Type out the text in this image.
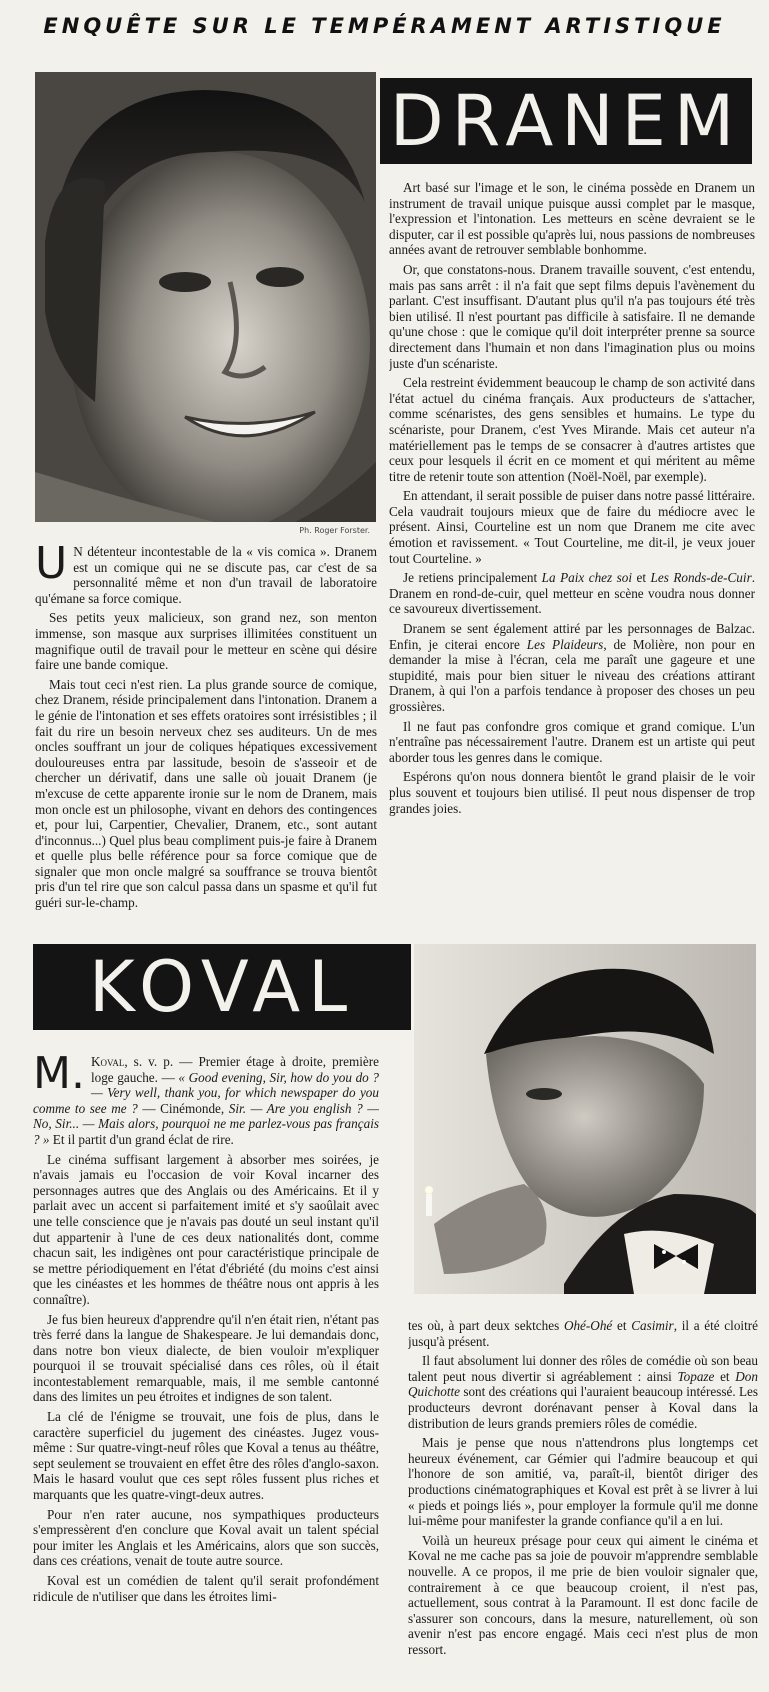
ENQUÊTE SUR LE TEMPÉRAMENT ARTISTIQUE
Ph. Roger Forster.
DRANEM

Art basé sur l'image et le son, le cinéma possède en Dranem un instrument de travail unique puisque aussi complet par le masque, l'expression et l'intonation. Les metteurs en scène devraient se le disputer, car il est possible qu'après lui, nous passions de nombreuses années avant de retrouver semblable bonhomme.

Or, que constatons-nous. Dranem travaille souvent, c'est entendu, mais pas sans arrêt : il n'a fait que sept films depuis l'avènement du parlant. C'est insuffisant. D'autant plus qu'il n'a pas toujours été très bien utilisé. Il n'est pourtant pas difficile à satisfaire. Il ne demande qu'une chose : que le comique qu'il doit interpréter prenne sa source directement dans l'humain et non dans l'imagination plus ou moins juste d'un scénariste.

Cela restreint évidemment beaucoup le champ de son activité dans l'état actuel du cinéma français. Aux producteurs de s'attacher, comme scénaristes, des gens sensibles et humains. Le type du scénariste, pour Dranem, c'est Yves Mirande. Mais cet auteur n'a matériellement pas le temps de se consacrer à d'autres artistes que ceux pour lesquels il écrit en ce moment et qui méritent au même titre de retenir toute son attention (Noël-Noël, par exemple).

En attendant, il serait possible de puiser dans notre passé littéraire. Cela vaudrait toujours mieux que de faire du médiocre avec le présent. Ainsi, Courteline est un nom que Dranem me cite avec émotion et ravissement. « Tout Courteline, me dit-il, je veux jouer tout Courteline. »

Je retiens principalement La Paix chez soi et Les Ronds-de-Cuir. Dranem en rond-de-cuir, quel metteur en scène voudra nous donner ce savoureux divertissement.

Dranem se sent également attiré par les personnages de Balzac. Enfin, je citerai encore Les Plaideurs, de Molière, non pour en demander la mise à l'écran, cela me paraît une gageure et une stupidité, mais pour bien situer le niveau des créations attirant Dranem, à qui l'on a parfois tendance à proposer des choses un peu grossières.

Il ne faut pas confondre gros comique et grand comique. L'un n'entraîne pas nécessairement l'autre. Dranem est un artiste qui peut aborder tous les genres dans le comique.

Espérons qu'on nous donnera bientôt le grand plaisir de le voir plus souvent et toujours bien utilisé. Il peut nous dispenser de trop grandes joies.

U N détenteur incontestable de la « vis comica ». Dranem est un comique qui ne se discute pas, car c'est de sa personnalité même et non d'un travail de laboratoire qu'émane sa force comique.

Ses petits yeux malicieux, son grand nez, son menton immense, son masque aux surprises illimitées constituent un magnifique outil de travail pour le metteur en scène qui désire faire une bande comique.

Mais tout ceci n'est rien. La plus grande source de comique, chez Dranem, réside principalement dans l'intonation. Dranem a le génie de l'intonation et ses effets oratoires sont irrésistibles ; il fait du rire un besoin nerveux chez ses auditeurs. Un de mes oncles souffrant un jour de coliques hépatiques excessivement douloureuses entra par lassitude, besoin de s'asseoir et de chercher un dérivatif, dans une salle où jouait Dranem (je m'excuse de cette apparente ironie sur le nom de Dranem, mais mon oncle est un philosophe, vivant en dehors des contingences et, pour lui, Carpentier, Chevalier, Dranem, etc., sont autant d'inconnus...) Quel plus beau compliment puis-je faire à Dranem et quelle plus belle référence pour sa force comique que de signaler que mon oncle malgré sa souffrance se trouva bientôt pris d'un tel rire que son calcul passa dans un spasme et qu'il fut guéri sur-le-champ.

KOVAL

M. Koval, s. v. p. — Premier étage à droite, première loge gauche. — « Good evening, Sir, how do you do ? — Very well, thank you, for which newspaper do you comme to see me ? — Cinémonde, Sir. — Are you english ? — No, Sir... — Mais alors, pourquoi ne me parlez-vous pas français ? » Et il partit d'un grand éclat de rire.

Le cinéma suffisant largement à absorber mes soirées, je n'avais jamais eu l'occasion de voir Koval incarner des personnages autres que des Anglais ou des Américains. Et il y parlait avec un accent si parfaitement imité et s'y saoûlait avec une telle conscience que je n'avais pas douté un seul instant qu'il dut appartenir à l'une de ces deux nationalités dont, comme chacun sait, les indigènes ont pour caractéristique principale de se mettre périodiquement en l'état d'ébriété (du moins c'est ainsi que les cinéastes et les hommes de théâtre nous ont appris à les connaître).

Je fus bien heureux d'apprendre qu'il n'en était rien, n'étant pas très ferré dans la langue de Shakespeare. Je lui demandais donc, dans notre bon vieux dialecte, de bien vouloir m'expliquer pourquoi il se trouvait spécialisé dans ces rôles, où il était incontestablement remarquable, mais, il me semble cantonné dans des limites un peu étroites et indignes de son talent.

La clé de l'énigme se trouvait, une fois de plus, dans le caractère superficiel du jugement des cinéastes. Jugez vous-même : Sur quatre-vingt-neuf rôles que Koval a tenus au théâtre, sept seulement se trouvaient en effet être des rôles d'anglo-saxon. Mais le hasard voulut que ces sept rôles fussent plus riches et marquants que les quatre-vingt-deux autres.

Pour n'en rater aucune, nos sympathiques producteurs s'empressèrent d'en conclure que Koval avait un talent spécial pour imiter les Anglais et les Américains, alors que son succès, dans ces créations, venait de toute autre source.

Koval est un comédien de talent qu'il serait profondément ridicule de n'utiliser que dans les étroites limi-

tes où, à part deux sektches Ohé-Ohé et Casimir, il a été cloitré jusqu'à présent.

Il faut absolument lui donner des rôles de comédie où son beau talent peut nous divertir si agréablement : ainsi Topaze et Don Quichotte sont des créations qui l'auraient beaucoup intéressé. Les producteurs devront dorénavant penser à Koval dans la distribution de leurs grands premiers rôles de comédie.

Mais je pense que nous n'attendrons plus longtemps cet heureux événement, car Gémier qui l'admire beaucoup et qui l'honore de son amitié, va, paraît-il, bientôt diriger des productions cinématographiques et Koval est prêt à se livrer à lui « pieds et poings liés », pour employer la formule qu'il me donne lui-même pour manifester la grande confiance qu'il a en lui.

Voilà un heureux présage pour ceux qui aiment le cinéma et Koval ne me cache pas sa joie de pouvoir m'apprendre semblable nouvelle. A ce propos, il me prie de bien vouloir signaler que, contrairement à ce que beaucoup croient, il n'est pas, actuellement, sous contrat à la Paramount. Il est donc facile de s'assurer son concours, dans la mesure, naturellement, où son avenir n'est pas encore engagé. Mais ceci n'est plus de mon ressort.
